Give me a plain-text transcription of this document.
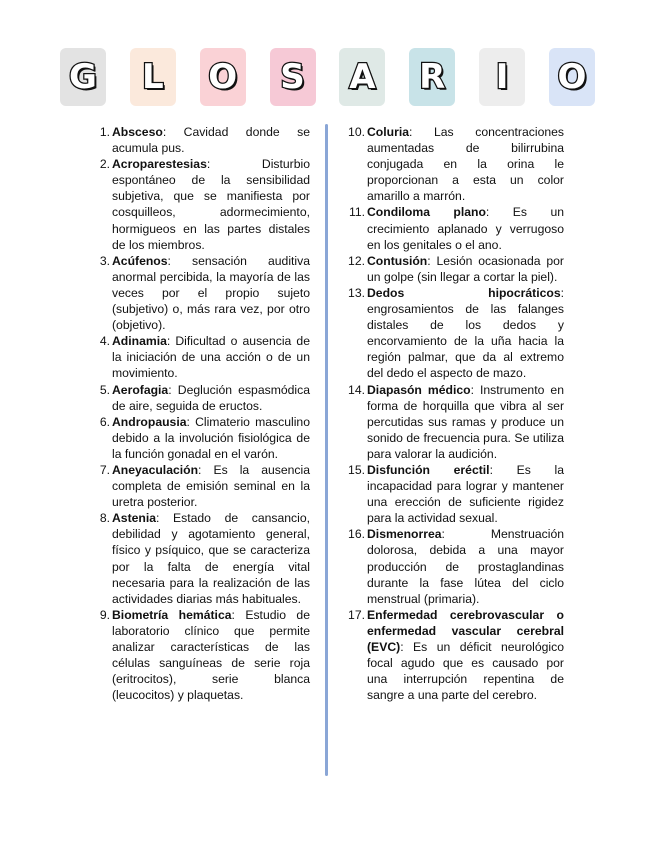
G L O S A R I O
1. Absceso: Cavidad donde se acumula pus.
2. Acroparestesias: Disturbio espontáneo de la sensibilidad subjetiva, que se manifiesta por cosquilleos, adormecimiento, hormigueos en las partes distales de los miembros.
3. Acúfenos: sensación auditiva anormal percibida, la mayoría de las veces por el propio sujeto (subjetivo) o, más rara vez, por otro (objetivo).
4. Adinamia: Dificultad o ausencia de la iniciación de una acción o de un movimiento.
5. Aerofagia: Deglución espasmódica de aire, seguida de eructos.
6. Andropausia: Climaterio masculino debido a la involución fisiológica de la función gonadal en el varón.
7. Aneyaculación: Es la ausencia completa de emisión seminal en la uretra posterior.
8. Astenia: Estado de cansancio, debilidad y agotamiento general, físico y psíquico, que se caracteriza por la falta de energía vital necesaria para la realización de las actividades diarias más habituales.
9. Biometría hemática: Estudio de laboratorio clínico que permite analizar características de las células sanguíneas de serie roja (eritrocitos), serie blanca (leucocitos) y plaquetas.
10. Coluria: Las concentraciones aumentadas de bilirrubina conjugada en la orina le proporcionan a esta un color amarillo a marrón.
11. Condiloma plano: Es un crecimiento aplanado y verrugoso en los genitales o el ano.
12. Contusión: Lesión ocasionada por un golpe (sin llegar a cortar la piel).
13. Dedos hipocráticos: engrosamientos de las falanges distales de los dedos y encorvamiento de la uña hacia la región palmar, que da al extremo del dedo el aspecto de mazo.
14. Diapasón médico: Instrumento en forma de horquilla que vibra al ser percutidas sus ramas y produce un sonido de frecuencia pura. Se utiliza para valorar la audición.
15. Disfunción eréctil: Es la incapacidad para lograr y mantener una erección de suficiente rigidez para la actividad sexual.
16. Dismenorrea: Menstruación dolorosa, debida a una mayor producción de prostaglandinas durante la fase lútea del ciclo menstrual (primaria).
17. Enfermedad cerebrovascular o enfermedad vascular cerebral (EVC): Es un déficit neurológico focal agudo que es causado por una interrupción repentina de sangre a una parte del cerebro.
